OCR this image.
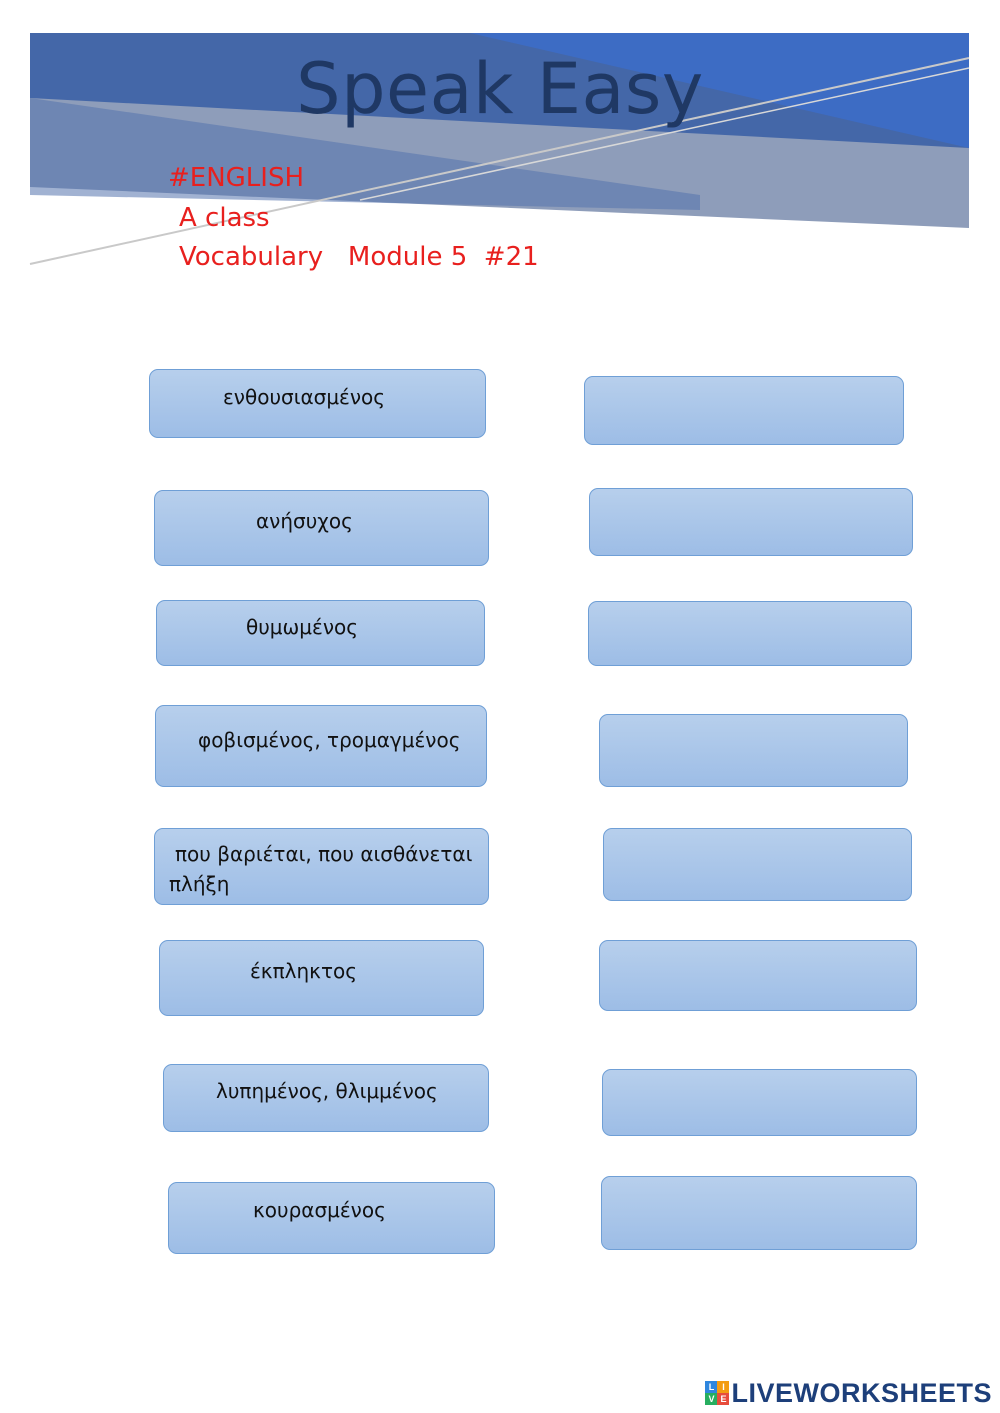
Speak Easy
#ENGLISH
A class
Vocabulary   Module 5  #21
ενθουσιασμένος
ανήσυχος
θυμωμένος
φοβισμένος, τρομαγμένος
που βαριέται, που αισθάνεται
πλήξη
έκπληκτος
λυπημένος, θλιμμένος
κουρασμένος
L I
V E LIVEWORKSHEETS
